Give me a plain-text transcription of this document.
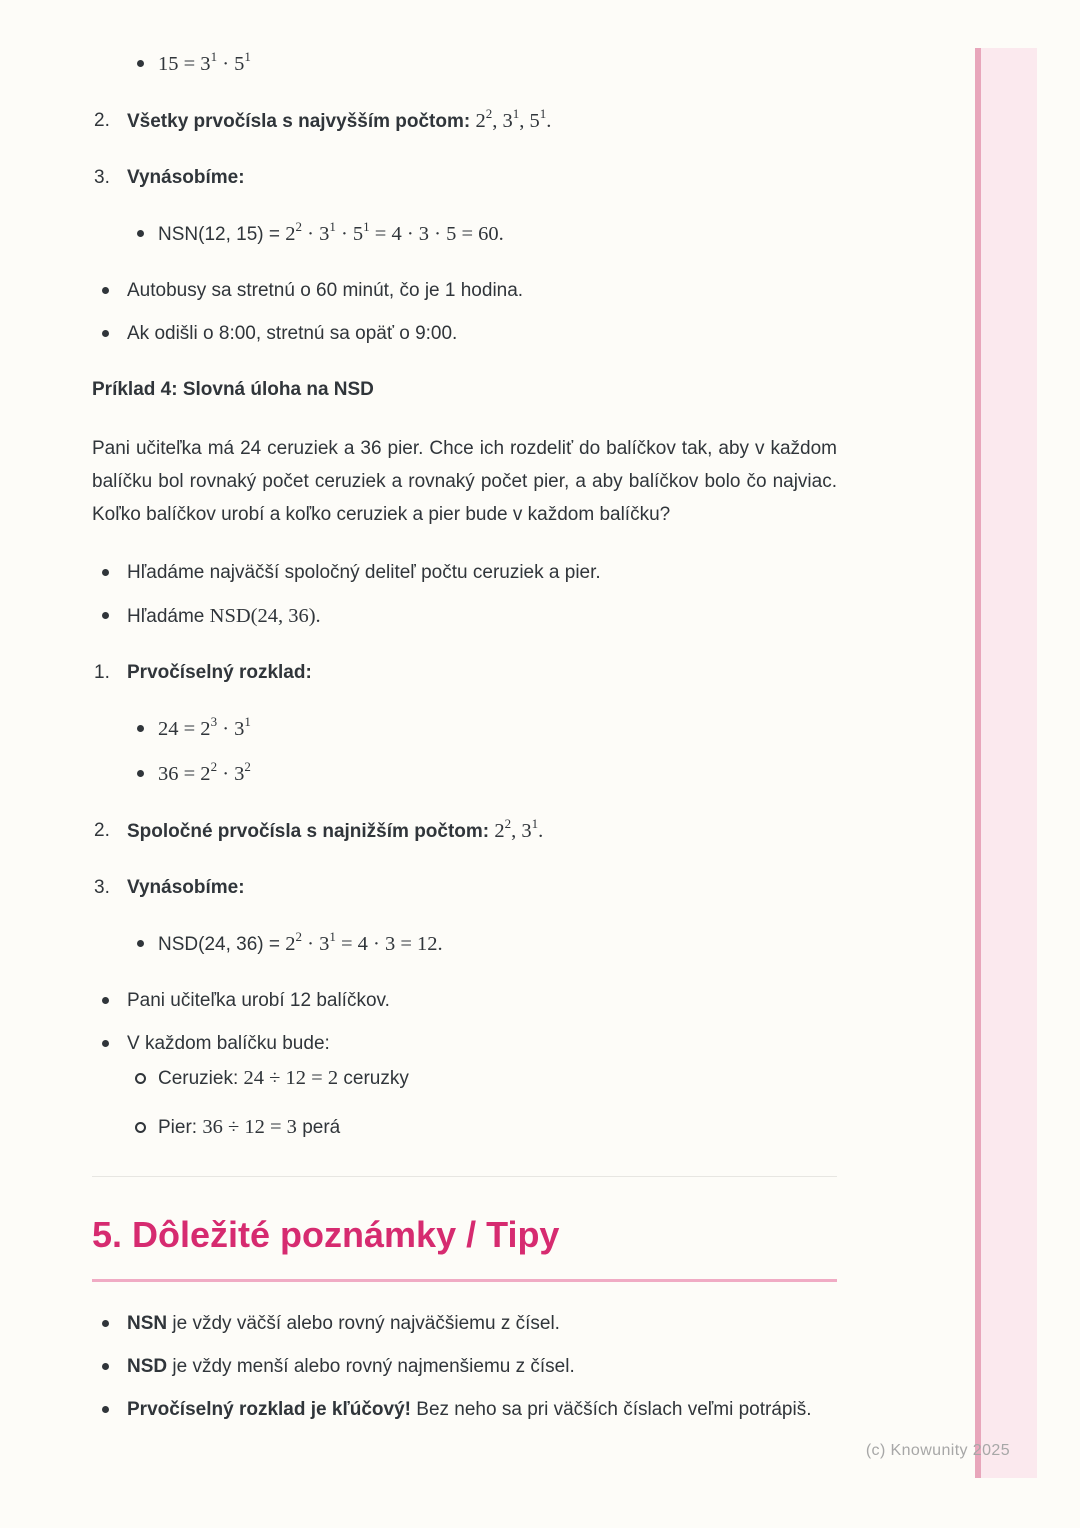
(c) Knowunity 2025
$15 = 3^1 \cdot 5^1$
2. Všetky prvočísla s najvyšším počtom: $2^2$, $3^1$, $5^1$.
3. Vynásobíme:
NSN(12, $15) = 2^2 \cdot 3^1 \cdot 5^1 = 4 \cdot 3 \cdot 5 = 60$.
Autobusy sa stretnú o 60 minút, čo je 1 hodina.
Ak odišli o 8:00, stretnú sa opäť o 9:00.
Príklad 4: Slovná úloha na NSD
Pani učiteľka má 24 ceruziek a 36 pier. Chce ich rozdeliť do balíčkov tak, aby v každom balíčku bol rovnaký počet ceruziek a rovnaký počet pier, a aby balíčkov bolo čo najviac. Koľko balíčkov urobí a koľko ceruziek a pier bude v každom balíčku?
Hľadáme najväčší spoločný deliteľ počtu ceruziek a pier.
Hľadáme NSD(24, 36).
1. Prvočíselný rozklad:
$24 = 2^3 \cdot 3^1$
$36 = 2^2 \cdot 3^2$
2. Spoločné prvočísla s najnižším počtom: $2^2$, $3^1$.
3. Vynásobíme:
NSD(24, $36) = 2^2 \cdot 3^1 = 4 \cdot 3 = 12$.
Pani učiteľka urobí 12 balíčkov.
V každom balíčku bude:
Ceruziek: 24 ÷ 12 = 2 ceruzky
Pier: 36 ÷ 12 = 3 perá
5. Dôležité poznámky / Tipy
NSN je vždy väčší alebo rovný najväčšiemu z čísel.
NSD je vždy menší alebo rovný najmenšiemu z čísel.
Prvočíselný rozklad je kľúčový! Bez neho sa pri väčších číslach veľmi potrápiš.
